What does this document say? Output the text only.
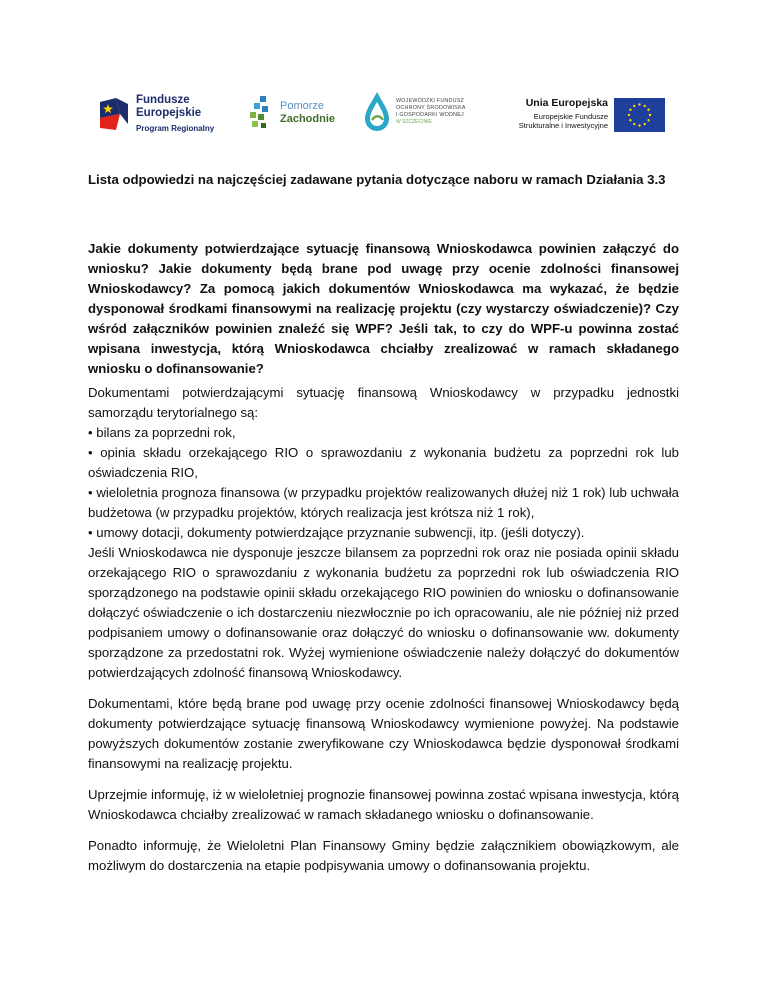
Fundusze
Europejskie
Program Regionalny
Pomorze
Zachodnie
WOJEWÓDZKI FUNDUSZ
OCHRONY ŚRODOWISKA
I GOSPODARKI WODNEJ
W SZCZECINIE
Unia Europejska
Europejskie Fundusze
Strukturalne i Inwestycyjne
Lista odpowiedzi na najczęściej zadawane pytania dotyczące naboru w ramach Działania 3.3
Jakie dokumenty potwierdzające sytuację finansową Wnioskodawca powinien załączyć do wniosku? Jakie dokumenty będą brane pod uwagę przy ocenie zdolności finansowej Wnioskodawcy? Za pomocą jakich dokumentów Wnioskodawca ma wykazać, że będzie dysponował środkami finansowymi na realizację projektu (czy wystarczy oświadczenie)? Czy wśród załączników powinien znaleźć się WPF? Jeśli tak, to czy do WPF-u powinna zostać wpisana inwestycja, którą Wnioskodawca chciałby zrealizować w ramach składanego wniosku o dofinansowanie?
Dokumentami potwierdzającymi sytuację finansową Wnioskodawcy w przypadku jednostki samorządu terytorialnego są:
• bilans za poprzedni rok,
• opinia składu orzekającego RIO o sprawozdaniu z wykonania budżetu za poprzedni rok lub oświadczenia RIO,
• wieloletnia prognoza finansowa (w przypadku projektów realizowanych dłużej niż 1 rok) lub uchwała budżetowa (w przypadku projektów, których realizacja jest krótsza niż 1 rok),
• umowy dotacji, dokumenty potwierdzające przyznanie subwencji, itp. (jeśli dotyczy).
Jeśli Wnioskodawca nie dysponuje jeszcze bilansem za poprzedni rok oraz nie posiada opinii składu orzekającego RIO o sprawozdaniu z wykonania budżetu za poprzedni rok lub oświadczenia RIO sporządzonego na podstawie opinii składu orzekającego RIO powinien do wniosku o dofinansowanie dołączyć oświadczenie o ich dostarczeniu niezwłocznie po ich opracowaniu, ale nie później niż przed podpisaniem umowy o dofinansowanie oraz dołączyć do wniosku o dofinansowanie ww. dokumenty sporządzone za przedostatni rok. Wyżej wymienione oświadczenie należy dołączyć do dokumentów potwierdzających zdolność finansową Wnioskodawcy.

Dokumentami, które będą brane pod uwagę przy ocenie zdolności finansowej Wnioskodawcy będą dokumenty potwierdzające sytuację finansową Wnioskodawcy wymienione powyżej. Na podstawie powyższych dokumentów zostanie zweryfikowane czy Wnioskodawca będzie dysponował środkami finansowymi na realizację projektu.

Uprzejmie informuję, iż w wieloletniej prognozie finansowej powinna zostać wpisana inwestycja, którą Wnioskodawca chciałby zrealizować w ramach składanego wniosku o dofinansowanie.

Ponadto informuję, że Wieloletni Plan Finansowy Gminy będzie załącznikiem obowiązkowym, ale możliwym do dostarczenia na etapie podpisywania umowy o dofinansowania projektu.
